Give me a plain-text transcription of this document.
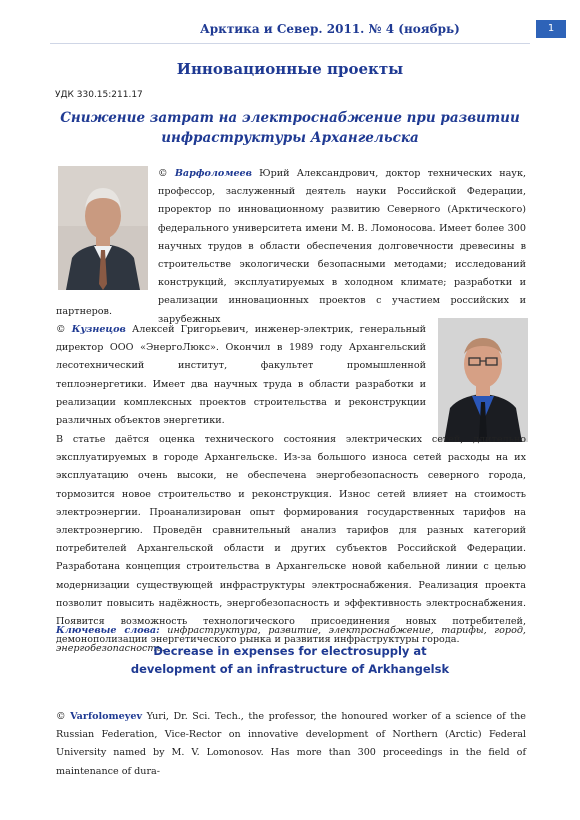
Арктика и Север. 2011. № 4 (ноябрь)	1
Инновационные проекты
УДК 330.15:211.17
Снижение затрат на электроснабжение при развитии инфраструктуры Архангельска

© Варфоломеев Юрий Александрович, доктор технических наук, профессор, заслуженный деятель науки Российской Федерации, проректор по инновационному развитию Северного (Арктического) федерального университета имени М. В. Ломоносова. Имеет более 300 научных трудов в области обеспечения долговечности древесины в строительстве экологически безопасными методами; исследований конструкций, эксплуатируемых в холодном климате; разработки и реализации инновационных проектов с участием российских и зарубежных

партнеров.

© Кузнецов Алексей Григорьевич, инженер-электрик, генеральный директор ООО «ЭнергоЛюкс». Окончил в 1989 году Архангельский лесотехнический институт, факультет промышленной теплоэнергетики. Имеет два научных труда в области разработки и реализации комплексных проектов строительства и реконструкции различных объектов энергетики.

В статье даётся оценка технического состояния электрических сетей, длительно эксплуатируемых в городе Архангельске. Из-за большого износа сетей расходы на их эксплуатацию очень высоки, не обеспечена энергобезопасность северного города, тормозится новое строительство и реконструкция. Износ сетей влияет на стоимость электроэнергии. Проанализирован опыт формирования государственных тарифов на электроэнергию. Проведён сравнительный анализ тарифов для разных категорий потребителей Архангельской области и других субъектов Российской Федерации. Разработана концепция строительства в Архангельске новой кабельной линии с целью модернизации существующей инфраструктуры электроснабжения. Реализация проекта позволит повысить надёжность, энергобезопасность и эффективность электроснабжения. Появится возможность технологического присоединения новых потребителей, демонополизации энергетического рынка и развития инфраструктуры города.

Ключевые слова: инфраструктура, развитие, электроснабжение, тарифы, город, энергобезопасность.

Decrease in expenses for electrosupply at
development of an infrastructure of Arkhangelsk

© Varfolomeyev Yuri, Dr. Sci. Tech., the professor, the honoured worker of a science of the Russian Federation, Vice-Rector on innovative development of Northern (Arctic) Federal University named by M. V. Lomonosov. Has more than 300 proceedings in the field of maintenance of dura-
